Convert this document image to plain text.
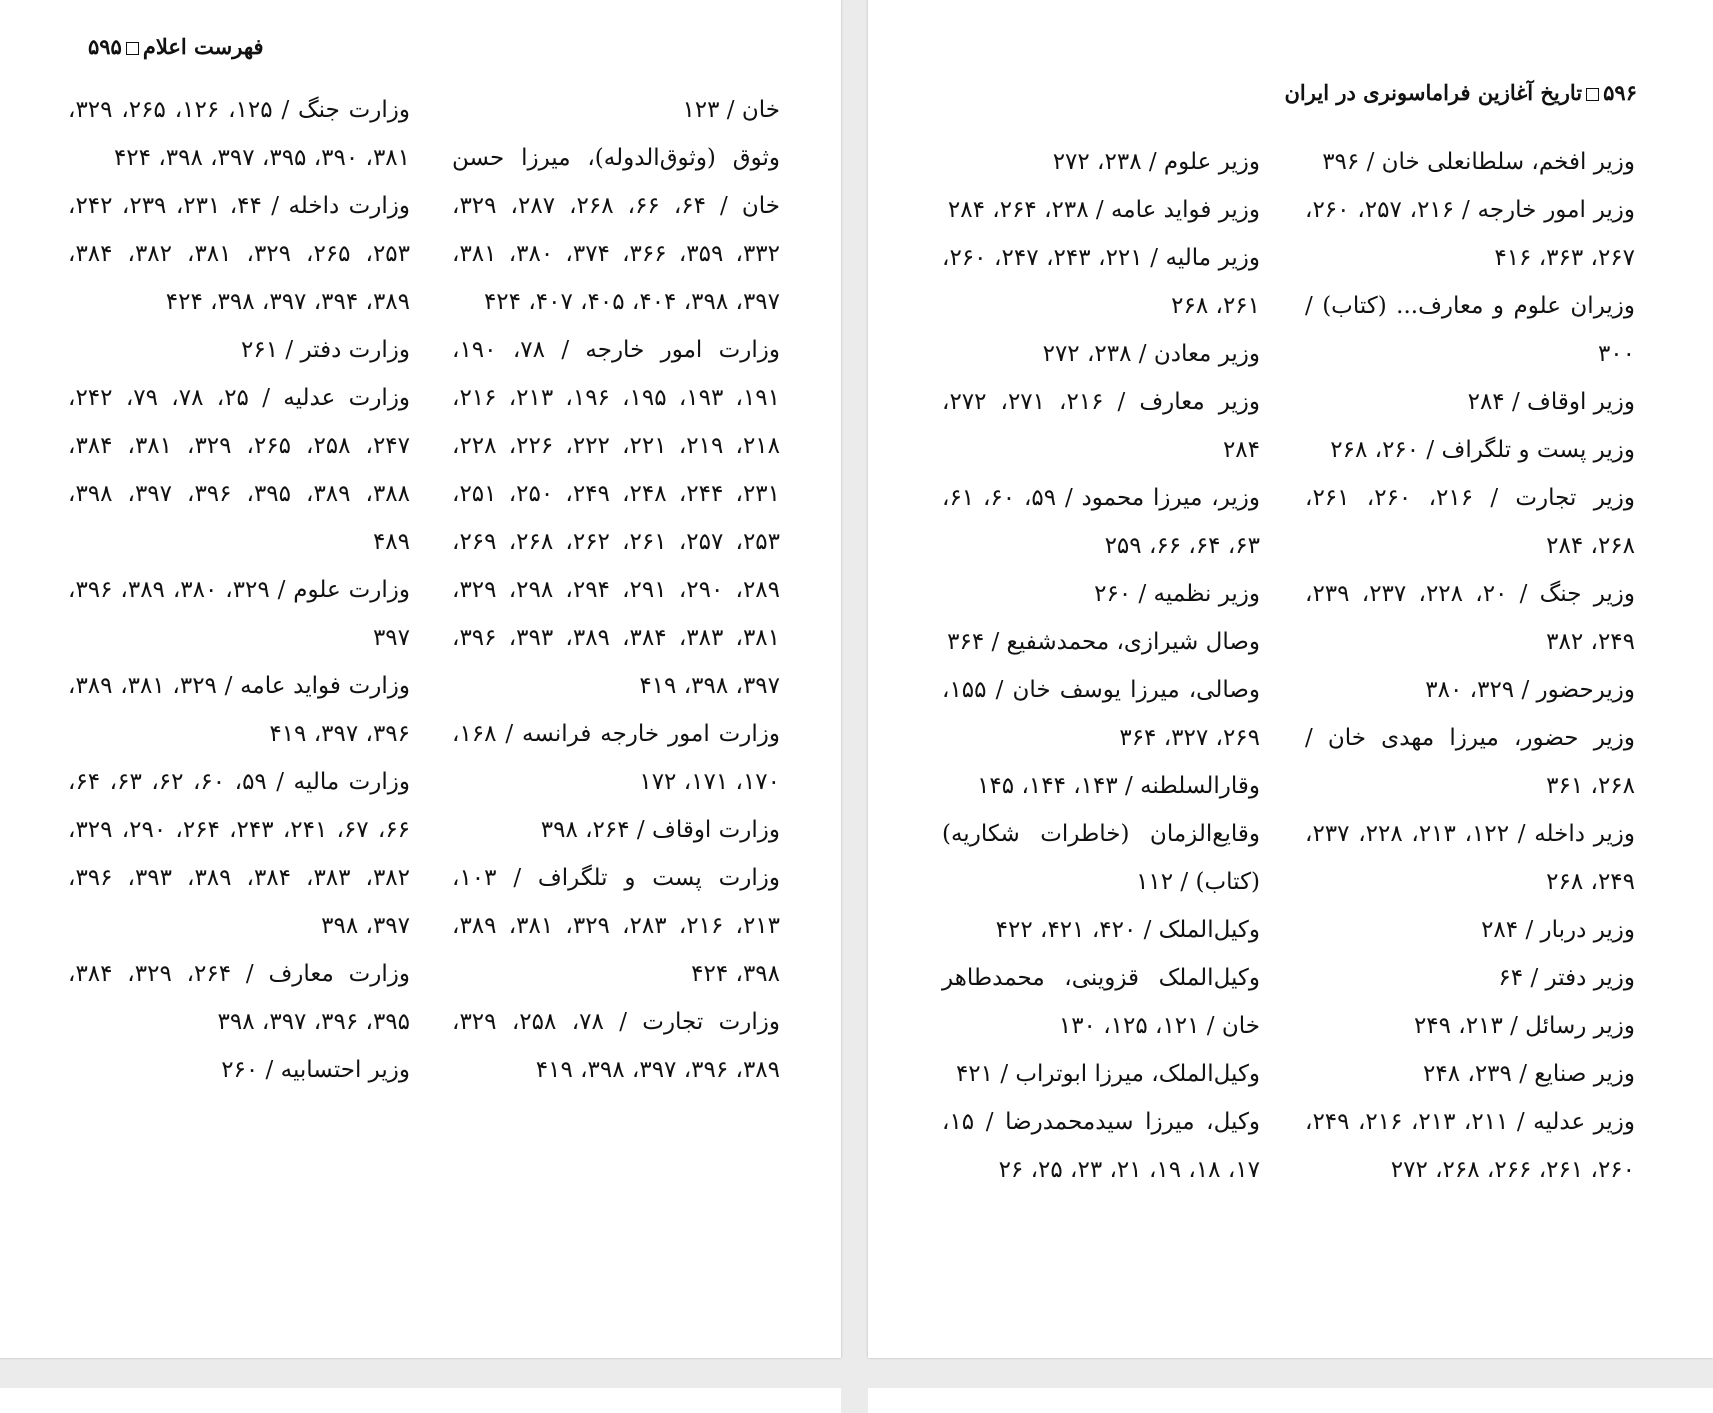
فهرست اعلام۵۹۵

خان / ۱۲۳

وثوق (وثوق‌الدوله)، میرزا حسن خان / ۶۴، ۶۶، ۲۶۸، ۲۸۷، ۳۲۹، ۳۳۲، ۳۵۹، ۳۶۶، ۳۷۴، ۳۸۰، ۳۸۱، ۳۹۷، ۳۹۸، ۴۰۴، ۴۰۵، ۴۰۷، ۴۲۴

وزارت امور خارجه / ۷۸، ۱۹۰، ۱۹۱، ۱۹۳، ۱۹۵، ۱۹۶، ۲۱۳، ۲۱۶، ۲۱۸، ۲۱۹، ۲۲۱، ۲۲۲، ۲۲۶، ۲۲۸، ۲۳۱، ۲۴۴، ۲۴۸، ۲۴۹، ۲۵۰، ۲۵۱، ۲۵۳، ۲۵۷، ۲۶۱، ۲۶۲، ۲۶۸، ۲۶۹، ۲۸۹، ۲۹۰، ۲۹۱، ۲۹۴، ۲۹۸، ۳۲۹، ۳۸۱، ۳۸۳، ۳۸۴، ۳۸۹، ۳۹۳، ۳۹۶، ۳۹۷، ۳۹۸، ۴۱۹

وزارت امور خارجه فرانسه / ۱۶۸، ۱۷۰، ۱۷۱، ۱۷۲

وزارت اوقاف / ۲۶۴، ۳۹۸

وزارت پست و تلگراف / ۱۰۳، ۲۱۳، ۲۱۶، ۲۸۳، ۳۲۹، ۳۸۱، ۳۸۹، ۳۹۸، ۴۲۴

وزارت تجارت / ۷۸، ۲۵۸، ۳۲۹، ۳۸۹، ۳۹۶، ۳۹۷، ۳۹۸، ۴۱۹

وزارت جنگ / ۱۲۵، ۱۲۶، ۲۶۵، ۳۲۹، ۳۸۱، ۳۹۰، ۳۹۵، ۳۹۷، ۳۹۸، ۴۲۴

وزارت داخله / ۴۴، ۲۳۱، ۲۳۹، ۲۴۲، ۲۵۳، ۲۶۵، ۳۲۹، ۳۸۱، ۳۸۲، ۳۸۴، ۳۸۹، ۳۹۴، ۳۹۷، ۳۹۸، ۴۲۴

وزارت دفتر / ۲۶۱

وزارت عدلیه / ۲۵، ۷۸، ۷۹، ۲۴۲، ۲۴۷، ۲۵۸، ۲۶۵، ۳۲۹، ۳۸۱، ۳۸۴، ۳۸۸، ۳۸۹، ۳۹۵، ۳۹۶، ۳۹۷، ۳۹۸، ۴۸۹

وزارت علوم / ۳۲۹، ۳۸۰، ۳۸۹، ۳۹۶، ۳۹۷

وزارت فواید عامه / ۳۲۹، ۳۸۱، ۳۸۹، ۳۹۶، ۳۹۷، ۴۱۹

وزارت مالیه / ۵۹، ۶۰، ۶۲، ۶۳، ۶۴، ۶۶، ۶۷، ۲۴۱، ۲۴۳، ۲۶۴، ۲۹۰، ۳۲۹، ۳۸۲، ۳۸۳، ۳۸۴، ۳۸۹، ۳۹۳، ۳۹۶، ۳۹۷، ۳۹۸

وزارت معارف / ۲۶۴، ۳۲۹، ۳۸۴، ۳۹۵، ۳۹۶، ۳۹۷، ۳۹۸

وزیر احتسابیه / ۲۶۰

۵۹۶تاریخ آغازین فراماسونری در ایران

وزیر افخم، سلطانعلی خان / ۳۹۶

وزیر امور خارجه / ۲۱۶، ۲۵۷، ۲۶۰، ۲۶۷، ۳۶۳، ۴۱۶

وزیران علوم و معارف... (کتاب) / ۳۰۰

وزیر اوقاف / ۲۸۴

وزیر پست و تلگراف / ۲۶۰، ۲۶۸

وزیر تجارت / ۲۱۶، ۲۶۰، ۲۶۱، ۲۶۸، ۲۸۴

وزیر جنگ / ۲۰، ۲۲۸، ۲۳۷، ۲۳۹، ۲۴۹، ۳۸۲

وزیرحضور / ۳۲۹، ۳۸۰

وزیر حضور، میرزا مهدی خان / ۲۶۸، ۳۶۱

وزیر داخله / ۱۲۲، ۲۱۳، ۲۲۸، ۲۳۷، ۲۴۹، ۲۶۸

وزیر دربار / ۲۸۴

وزیر دفتر / ۶۴

وزیر رسائل / ۲۱۳، ۲۴۹

وزیر صنایع / ۲۳۹، ۲۴۸

وزیر عدلیه / ۲۱۱، ۲۱۳، ۲۱۶، ۲۴۹، ۲۶۰، ۲۶۱، ۲۶۶، ۲۶۸، ۲۷۲

وزیر علوم / ۲۳۸، ۲۷۲

وزیر فواید عامه / ۲۳۸، ۲۶۴، ۲۸۴

وزیر مالیه / ۲۲۱، ۲۴۳، ۲۴۷، ۲۶۰، ۲۶۱، ۲۶۸

وزیر معادن / ۲۳۸، ۲۷۲

وزیر معارف / ۲۱۶، ۲۷۱، ۲۷۲، ۲۸۴

وزیر، میرزا محمود / ۵۹، ۶۰، ۶۱، ۶۳، ۶۴، ۶۶، ۲۵۹

وزیر نظمیه / ۲۶۰

وصال شیرازی، محمدشفیع / ۳۶۴

وصالی، میرزا یوسف خان / ۱۵۵، ۲۶۹، ۳۲۷، ۳۶۴

وقارالسلطنه / ۱۴۳، ۱۴۴، ۱۴۵

وقایع‌الزمان (خاطرات شکاریه) (کتاب) / ۱۱۲

وکیل‌الملک / ۴۲۰، ۴۲۱، ۴۲۲

وکیل‌الملک قزوینی، محمدطاهر خان / ۱۲۱، ۱۲۵، ۱۳۰

وکیل‌الملک، میرزا ابوتراب / ۴۲۱

وکیل، میرزا سیدمحمدرضا / ۱۵، ۱۷، ۱۸، ۱۹، ۲۱، ۲۳، ۲۵، ۲۶
